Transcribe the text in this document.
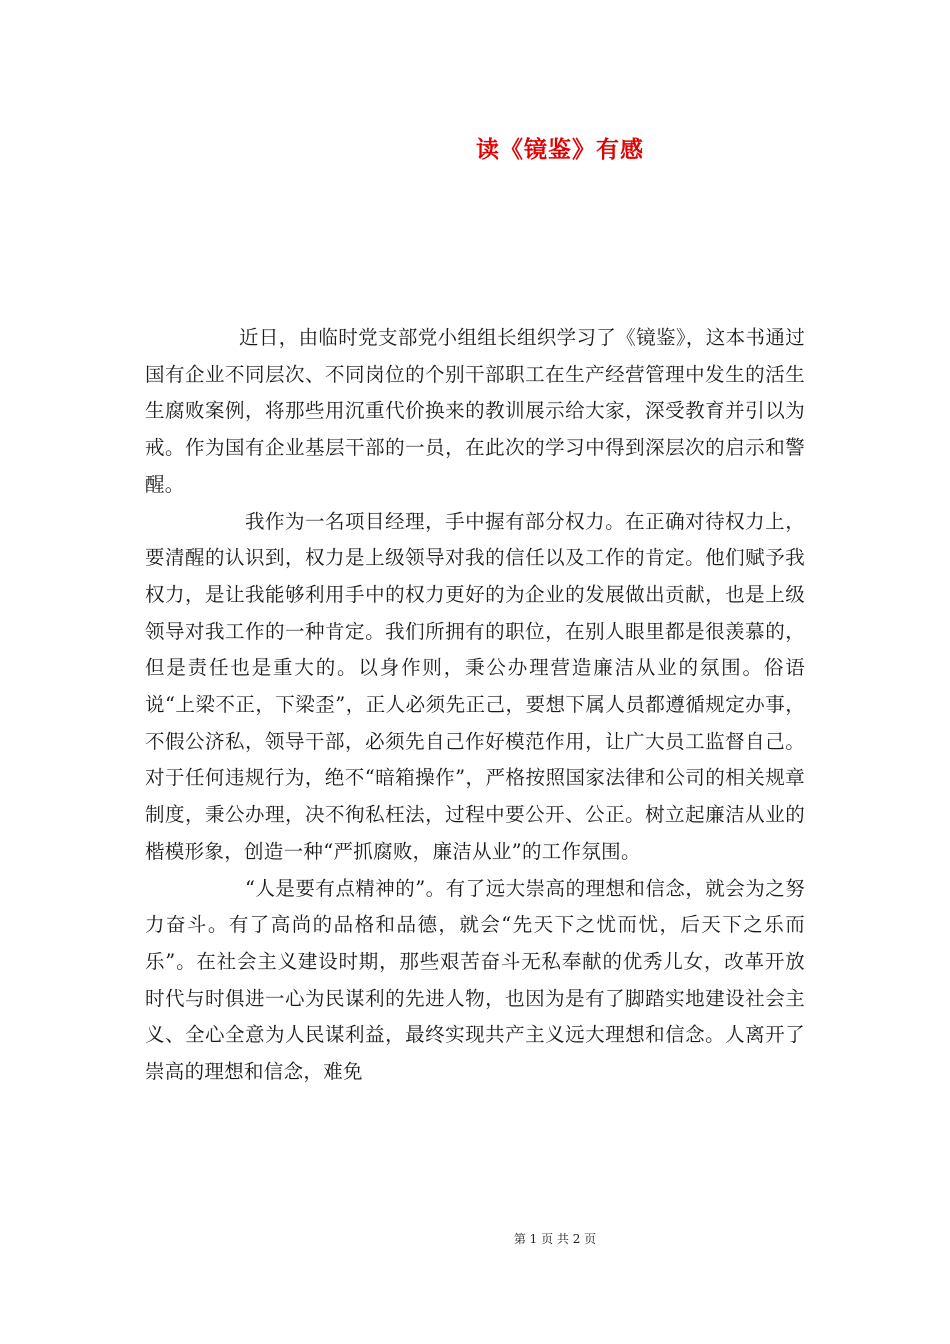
读《镜鉴》有感

近日，由临时党支部党小组组长组织学习了《镜鉴》，这本书通过国有企业不同层次、不同岗位的个别干部职工在生产经营管理中发生的活生生腐败案例，将那些用沉重代价换来的教训展示给大家，深受教育并引以为戒。作为国有企业基层干部的一员，在此次的学习中得到深层次的启示和警醒。

我作为一名项目经理，手中握有部分权力。在正确对待权力上，要清醒的认识到，权力是上级领导对我的信任以及工作的肯定。他们赋予我权力，是让我能够利用手中的权力更好的为企业的发展做出贡献，也是上级领导对我工作的一种肯定。我们所拥有的职位，在别人眼里都是很羡慕的，但是责任也是重大的。以身作则，秉公办理营造廉洁从业的氛围。俗语说“上梁不正，下梁歪”，正人必须先正己，要想下属人员都遵循规定办事，不假公济私，领导干部，必须先自己作好模范作用，让广大员工监督自己。对于任何违规行为，绝不“暗箱操作”，严格按照国家法律和公司的相关规章制度，秉公办理，决不徇私枉法，过程中要公开、公正。树立起廉洁从业的楷模形象，创造一种“严抓腐败，廉洁从业”的工作氛围。

“人是要有点精神的”。有了远大崇高的理想和信念，就会为之努力奋斗。有了高尚的品格和品德，就会“先天下之忧而忧，后天下之乐而乐”。在社会主义建设时期，那些艰苦奋斗无私奉献的优秀儿女，改革开放时代与时俱进一心为民谋利的先进人物，也因为是有了脚踏实地建设社会主义、全心全意为人民谋利益，最终实现共产主义远大理想和信念。人离开了崇高的理想和信念，难免

第 1 页 共 2 页
